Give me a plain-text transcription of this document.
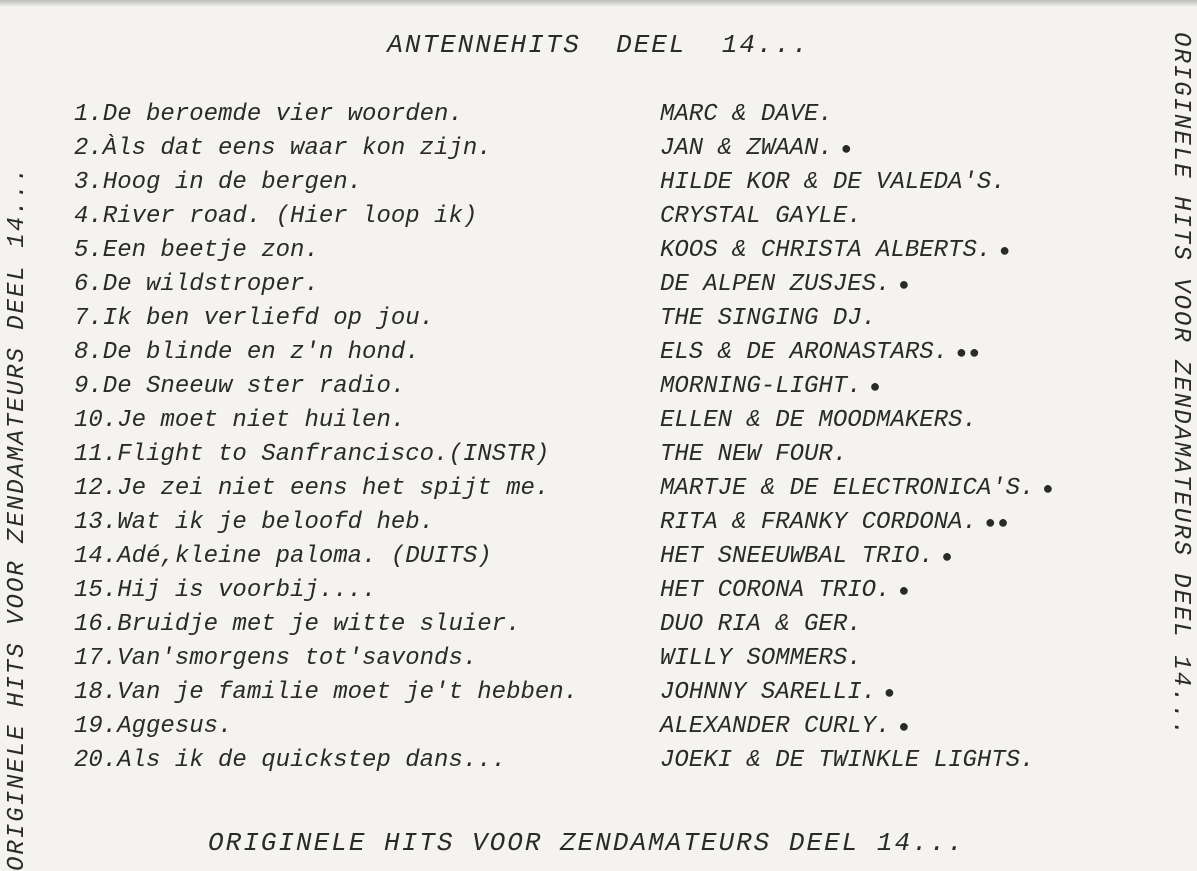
ANTENNEHITS  DEEL  14...
1.De beroemde vier woorden.	MARC & DAVE.
2.Àls dat eens waar kon zijn.	JAN & ZWAAN. ●
3.Hoog in de bergen.	HILDE KOR & DE VALEDA'S.
4.River road. (Hier loop ik)	CRYSTAL GAYLE.
5.Een beetje zon.	KOOS & CHRISTA ALBERTS. ●
6.De wildstroper.	DE ALPEN ZUSJES. ●
7.Ik ben verliefd op jou.	THE SINGING DJ.
8.De blinde en z'n hond.	ELS & DE ARONASTARS. ●●
9.De Sneeuw ster radio.	MORNING-LIGHT. ●
10.Je moet niet huilen.	ELLEN & DE MOODMAKERS.
11.Flight to Sanfrancisco.(INSTR)	THE NEW FOUR.
12.Je zei niet eens het spijt me.	MARTJE & DE ELECTRONICA'S. ●
13.Wat ik je beloofd heb.	RITA & FRANKY CORDONA. ●●
14.Adé,kleine paloma. (DUITS)	HET SNEEUWBAL TRIO. ●
15.Hij is voorbij....	HET CORONA TRIO. ●
16.Bruidje met je witte sluier.	DUO RIA & GER.
17.Van'smorgens tot'savonds.	WILLY SOMMERS.
18.Van je familie moet je't hebben.	JOHNNY SARELLI. ●
19.Aggesus.	ALEXANDER CURLY. ●
20.Als ik de quickstep dans...	JOEKI & DE TWINKLE LIGHTS.
ORIGINELE HITS VOOR ZENDAMATEURS DEEL 14...
ORIGINELE HITS VOOR ZENDAMATEURS DEEL 14...	ORIGINELE HITS VOOR ZENDAMATEURS DEEL 14...
